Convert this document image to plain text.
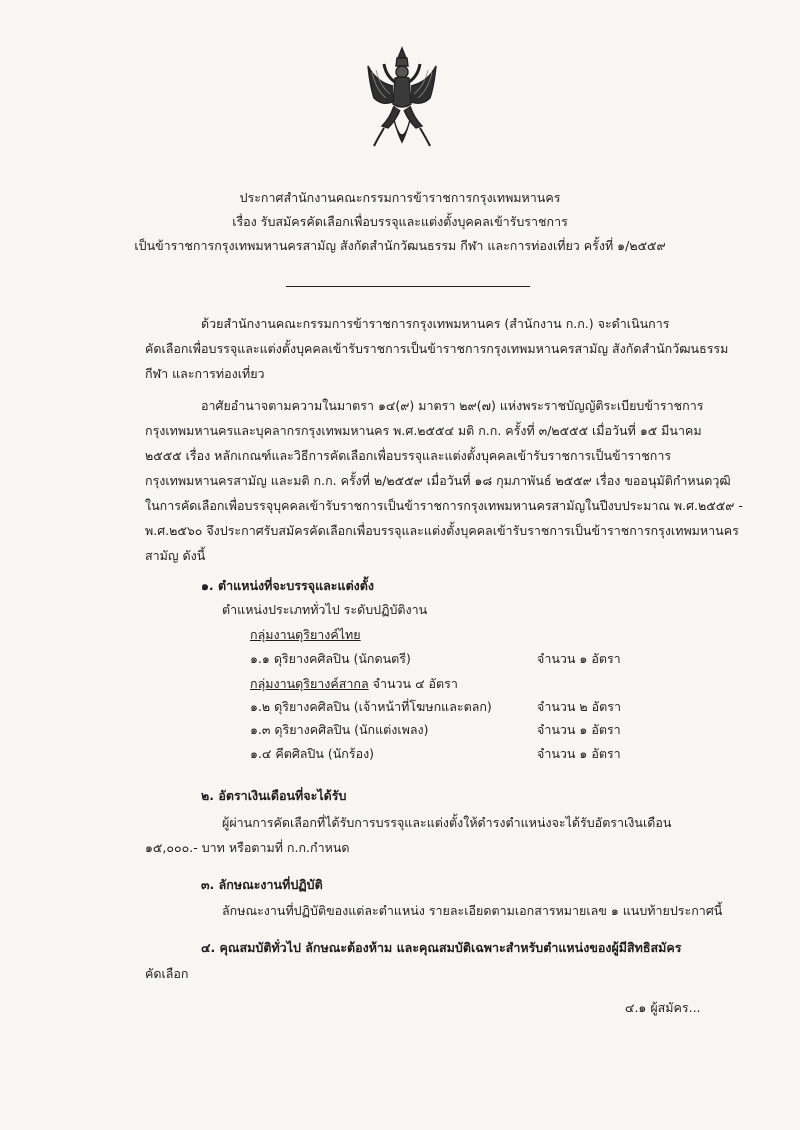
ประกาศสำนักงานคณะกรรมการข้าราชการกรุงเทพมหานคร
เรื่อง รับสมัครคัดเลือกเพื่อบรรจุและแต่งตั้งบุคคลเข้ารับราชการ
เป็นข้าราชการกรุงเทพมหานครสามัญ สังกัดสำนักวัฒนธรรม กีฬา และการท่องเที่ยว ครั้งที่ ๑/๒๕๕๙
ด้วยสำนักงานคณะกรรมการข้าราชการกรุงเทพมหานคร (สำนักงาน ก.ก.) จะดำเนินการ
คัดเลือกเพื่อบรรจุและแต่งตั้งบุคคลเข้ารับราชการเป็นข้าราชการกรุงเทพมหานครสามัญ สังกัดสำนักวัฒนธรรม
กีฬา และการท่องเที่ยว
อาศัยอำนาจตามความในมาตรา ๑๔(๙) มาตรา ๒๙(๗) แห่งพระราชบัญญัติระเบียบข้าราชการ
กรุงเทพมหานครและบุคลากรกรุงเทพมหานคร พ.ศ.๒๕๕๔ มติ ก.ก. ครั้งที่ ๓/๒๕๕๕ เมื่อวันที่ ๑๕ มีนาคม
๒๕๕๕ เรื่อง หลักเกณฑ์และวิธีการคัดเลือกเพื่อบรรจุและแต่งตั้งบุคคลเข้ารับราชการเป็นข้าราชการ
กรุงเทพมหานครสามัญ และมติ ก.ก. ครั้งที่ ๒/๒๕๕๙ เมื่อวันที่ ๑๘ กุมภาพันธ์ ๒๕๕๙ เรื่อง ขออนุมัติกำหนดวุฒิ
ในการคัดเลือกเพื่อบรรจุบุคคลเข้ารับราชการเป็นข้าราชการกรุงเทพมหานครสามัญในปีงบประมาณ พ.ศ.๒๕๕๙ -
พ.ศ.๒๕๖๐ จึงประกาศรับสมัครคัดเลือกเพื่อบรรจุและแต่งตั้งบุคคลเข้ารับราชการเป็นข้าราชการกรุงเทพมหานคร
สามัญ ดังนี้
๑. ตำแหน่งที่จะบรรจุและแต่งตั้ง
ตำแหน่งประเภททั่วไป ระดับปฏิบัติงาน
กลุ่มงานดุริยางค์ไทย
๑.๑ ดุริยางคศิลปิน (นักดนตรี)	จำนวน ๑ อัตรา
กลุ่มงานดุริยางค์สากล จำนวน ๔ อัตรา
๑.๒ ดุริยางคศิลปิน (เจ้าหน้าที่โฆษกและตลก)	จำนวน ๒ อัตรา
๑.๓ ดุริยางคศิลปิน (นักแต่งเพลง)	จำนวน ๑ อัตรา
๑.๔ คีตศิลปิน (นักร้อง)	จำนวน ๑ อัตรา
๒. อัตราเงินเดือนที่จะได้รับ
ผู้ผ่านการคัดเลือกที่ได้รับการบรรจุและแต่งตั้งให้ดำรงตำแหน่งจะได้รับอัตราเงินเดือน
๑๕,๐๐๐.- บาท หรือตามที่ ก.ก.กำหนด
๓. ลักษณะงานที่ปฏิบัติ
ลักษณะงานที่ปฏิบัติของแต่ละตำแหน่ง รายละเอียดตามเอกสารหมายเลข ๑ แนบท้ายประกาศนี้
๔. คุณสมบัติทั่วไป ลักษณะต้องห้าม และคุณสมบัติเฉพาะสำหรับตำแหน่งของผู้มีสิทธิสมัคร
คัดเลือก
๔.๑ ผู้สมัคร...
